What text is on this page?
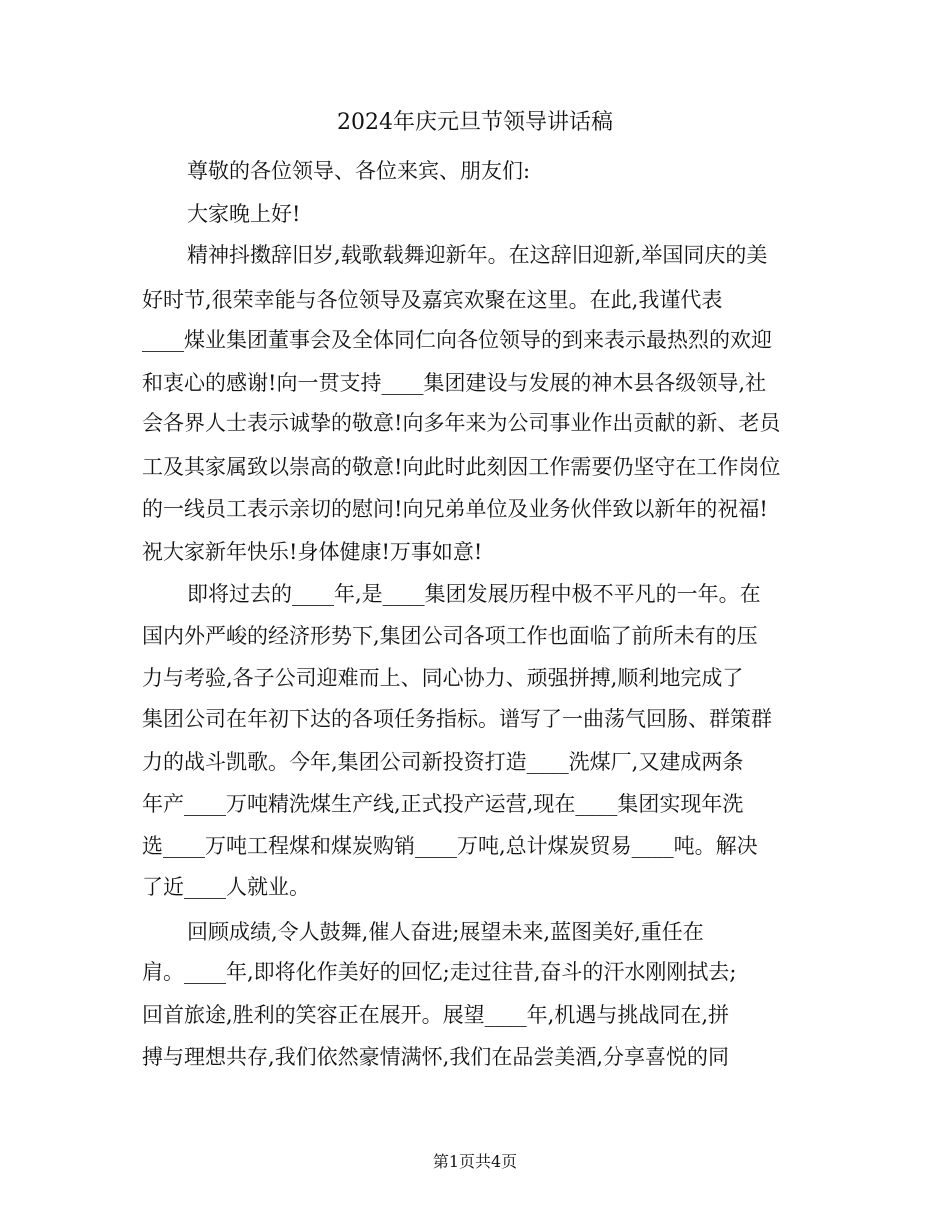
2024年庆元旦节领导讲话稿

尊敬的各位领导、各位来宾、朋友们:

大家晚上好!

精神抖擞辞旧岁,载歌载舞迎新年。在这辞旧迎新,举国同庆的美

好时节,很荣幸能与各位领导及嘉宾欢聚在这里。在此,我谨代表

____煤业集团董事会及全体同仁向各位领导的到来表示最热烈的欢迎

和衷心的感谢!向一贯支持____集团建设与发展的神木县各级领导,社

会各界人士表示诚挚的敬意!向多年来为公司事业作出贡献的新、老员

工及其家属致以崇高的敬意!向此时此刻因工作需要仍坚守在工作岗位

的一线员工表示亲切的慰问!向兄弟单位及业务伙伴致以新年的祝福!

祝大家新年快乐!身体健康!万事如意!

即将过去的____年,是____集团发展历程中极不平凡的一年。在

国内外严峻的经济形势下,集团公司各项工作也面临了前所未有的压

力与考验,各子公司迎难而上、同心协力、顽强拼搏,顺利地完成了

集团公司在年初下达的各项任务指标。谱写了一曲荡气回肠、群策群

力的战斗凯歌。今年,集团公司新投资打造____洗煤厂,又建成两条

年产____万吨精洗煤生产线,正式投产运营,现在____集团实现年洗

选____万吨工程煤和煤炭购销____万吨,总计煤炭贸易____吨。解决

了近____人就业。

回顾成绩,令人鼓舞,催人奋进;展望未来,蓝图美好,重任在

肩。____年,即将化作美好的回忆;走过往昔,奋斗的汗水刚刚拭去;

回首旅途,胜利的笑容正在展开。展望____年,机遇与挑战同在,拼

搏与理想共存,我们依然豪情满怀,我们在品尝美酒,分享喜悦的同

第1页共4页
